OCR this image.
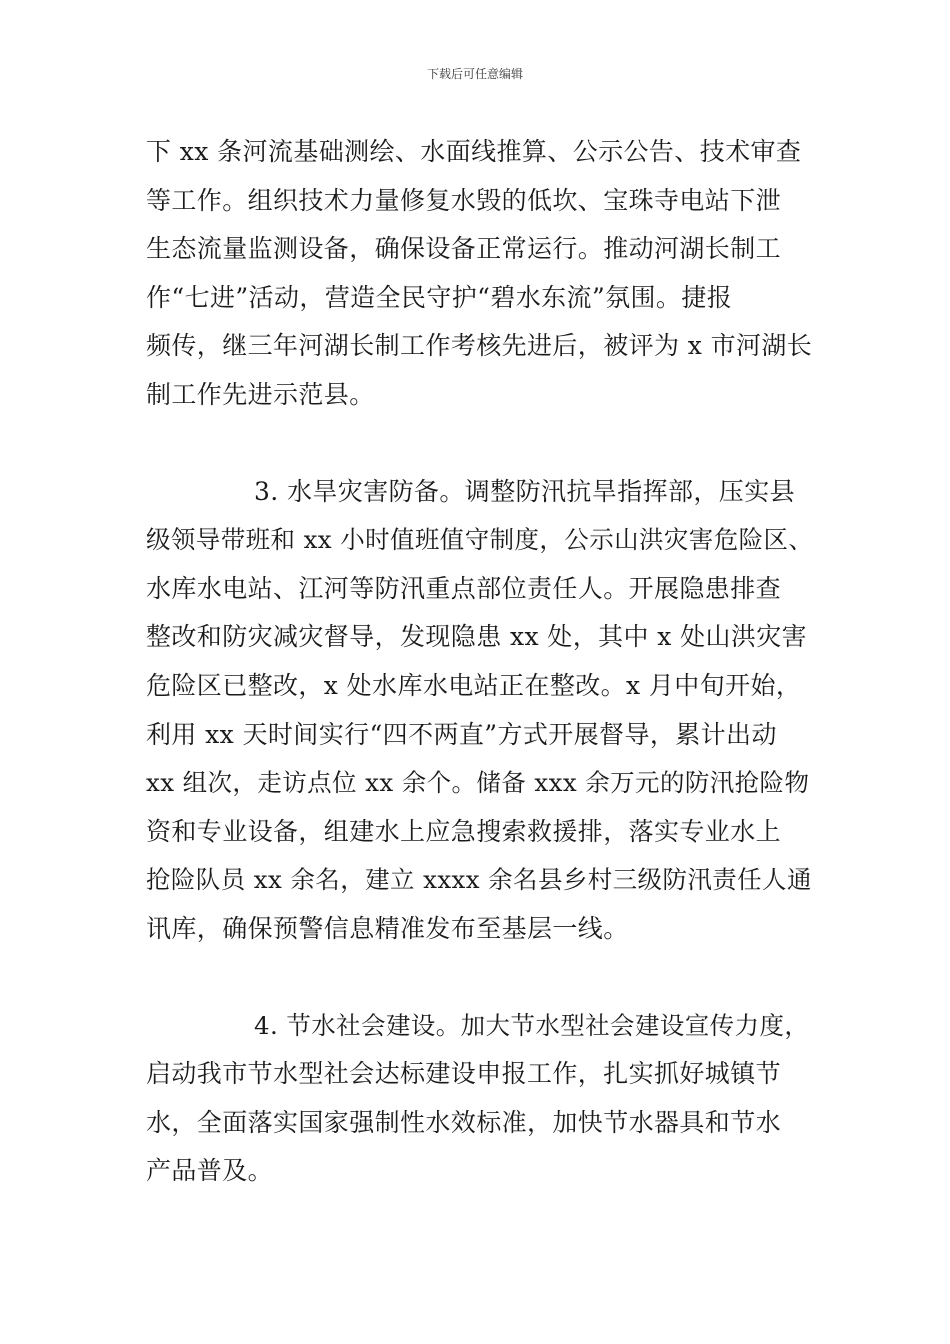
下载后可任意编辑
下 xx 条河流基础测绘、水面线推算、公示公告、技术审查
等工作。组织技术力量修复水毁的低坎、宝珠寺电站下泄
生态流量监测设备，确保设备正常运行。推动河湖长制工
作“七进”活动，营造全民守护“碧水东流”氛围。捷报
频传，继三年河湖长制工作考核先进后，被评为 x 市河湖长
制工作先进示范县。
3. 水旱灾害防备。调整防汛抗旱指挥部，压实县
级领导带班和 xx 小时值班值守制度，公示山洪灾害危险区、
水库水电站、江河等防汛重点部位责任人。开展隐患排查
整改和防灾减灾督导，发现隐患 xx 处，其中 x 处山洪灾害
危险区已整改，x 处水库水电站正在整改。x 月中旬开始，
利用 xx 天时间实行“四不两直”方式开展督导，累计出动
xx 组次，走访点位 xx 余个。储备 xxx 余万元的防汛抢险物
资和专业设备，组建水上应急搜索救援排，落实专业水上
抢险队员 xx 余名，建立 xxxx 余名县乡村三级防汛责任人通
讯库，确保预警信息精准发布至基层一线。
4. 节水社会建设。加大节水型社会建设宣传力度，
启动我市节水型社会达标建设申报工作，扎实抓好城镇节
水，全面落实国家强制性水效标准，加快节水器具和节水
产品普及。
